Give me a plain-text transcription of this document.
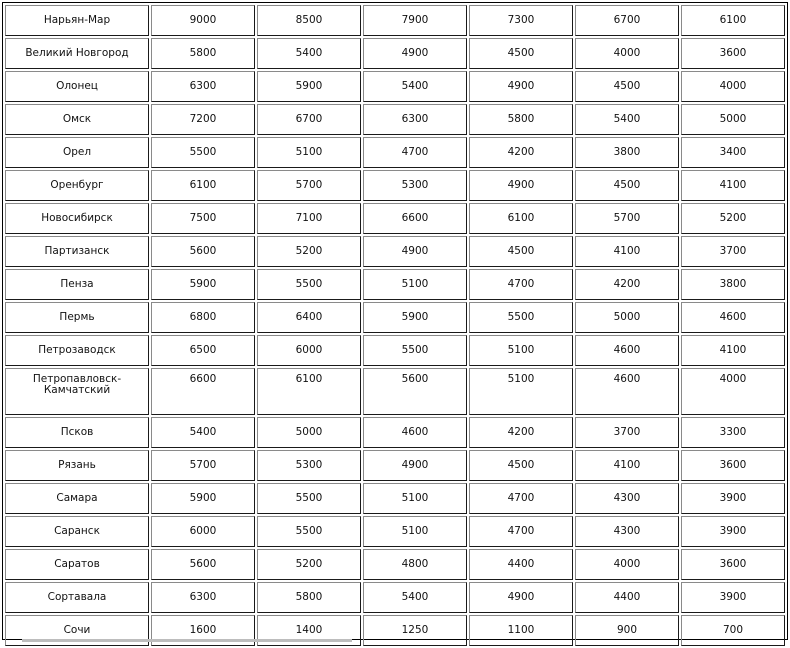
Нарьян-Мар	9000	8500	7900	7300	6700	6100
Великий Новгород	5800	5400	4900	4500	4000	3600
Олонец	6300	5900	5400	4900	4500	4000
Омск	7200	6700	6300	5800	5400	5000
Орел	5500	5100	4700	4200	3800	3400
Оренбург	6100	5700	5300	4900	4500	4100
Новосибирск	7500	7100	6600	6100	5700	5200
Партизанск	5600	5200	4900	4500	4100	3700
Пенза	5900	5500	5100	4700	4200	3800
Пермь	6800	6400	5900	5500	5000	4600
Петрозаводск	6500	6000	5500	5100	4600	4100
Петропавловск-Камчатский	6600	6100	5600	5100	4600	4000
Псков	5400	5000	4600	4200	3700	3300
Рязань	5700	5300	4900	4500	4100	3600
Самара	5900	5500	5100	4700	4300	3900
Саранск	6000	5500	5100	4700	4300	3900
Саратов	5600	5200	4800	4400	4000	3600
Сортавала	6300	5800	5400	4900	4400	3900
Сочи	1600	1400	1250	1100	900	700
